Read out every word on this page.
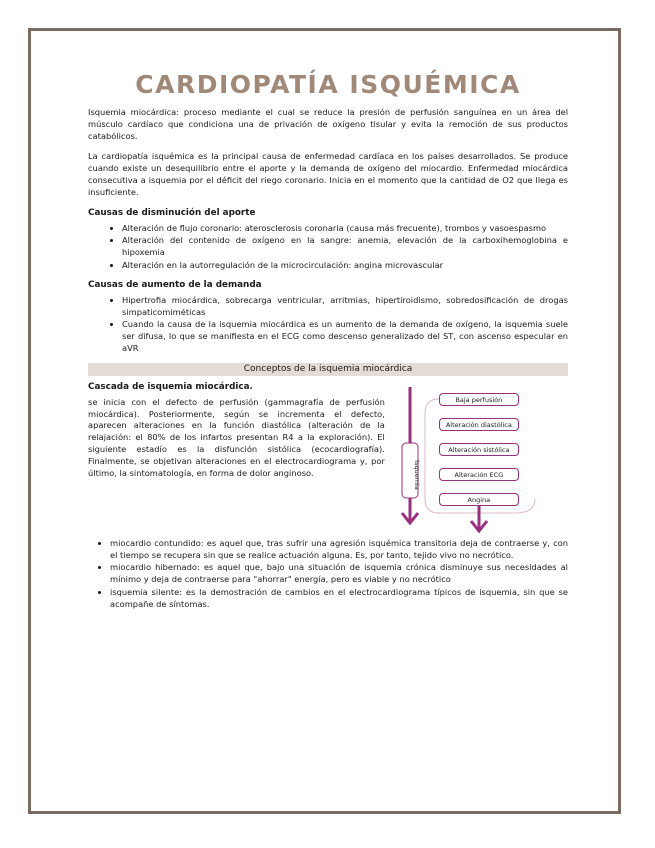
CARDIOPATÍA ISQUÉMICA

Isquemia miocárdica: proceso mediante el cual se reduce la presión de perfusión sanguínea en un área del músculo cardíaco que condiciona una de privación de oxígeno tisular y evita la remoción de sus productos catabólicos.

La cardiopatía isquémica es la principal causa de enfermedad cardíaca en los países desarrollados. Se produce cuando existe un desequilibrio entre el aporte y la demanda de oxígeno del miocardio. Enfermedad miocárdica consecutiva a isquemia por el déficit del riego coronario. Inicia en el momento que la cantidad de O2 que llega es insuficiente.

Causas de disminución del aporte
• Alteración de flujo coronario: aterosclerosis coronaria (causa más frecuente), trombos y vasoespasmo
• Alteración del contenido de oxígeno en la sangre: anemia, elevación de la carboxihemoglobina e hipoxemia
• Alteración en la autorregulación de la microcirculación: angina microvascular
Causas de aumento de la demanda
• Hipertrofia miocárdica, sobrecarga ventricular, arritmias, hipertiroidismo, sobredosificación de drogas simpaticomiméticas
• Cuando la causa de la isquemia miocárdica es un aumento de la demanda de oxígeno, la isquemia suele ser difusa, lo que se manifiesta en el ECG como descenso generalizado del ST, con ascenso especular en aVR
Conceptos de la isquemia miocárdica
Cascada de isquemia miocárdica.

se inicia con el defecto de perfusión (gammagrafía de perfusión miocárdica). Posteriormente, según se incrementa el defecto, aparecen alteraciones en la función diastólica (alteración de la relajación: el 80% de los infartos presentan R4 a la exploración). El siguiente estadío es la disfunción sistólica (ecocardiografía). Finalmente, se objetivan alteraciones en el electrocardiograma y, por último, la sintomatología, en forma de dolor anginoso.	Isquemia
Baja perfusión
Alteración diastólica
Alteración sistólica
Alteración ECG
Angina
• miocardio contundido: es aquel que, tras sufrir una agresión isquémica transitoria deja de contraerse y, con el tiempo se recupera sin que se realice actuación alguna. Es, por tanto, tejido vivo no necrótico.
• miocardio hibernado: es aquel que, bajo una situación de isquemia crónica disminuye sus necesidades al mínimo y deja de contraerse para "ahorrar" energía, pero es viable y no necrótico
• isquemia silente: es la demostración de cambios en el electrocardiograma típicos de isquemia, sin que se acompañe de síntomas.
